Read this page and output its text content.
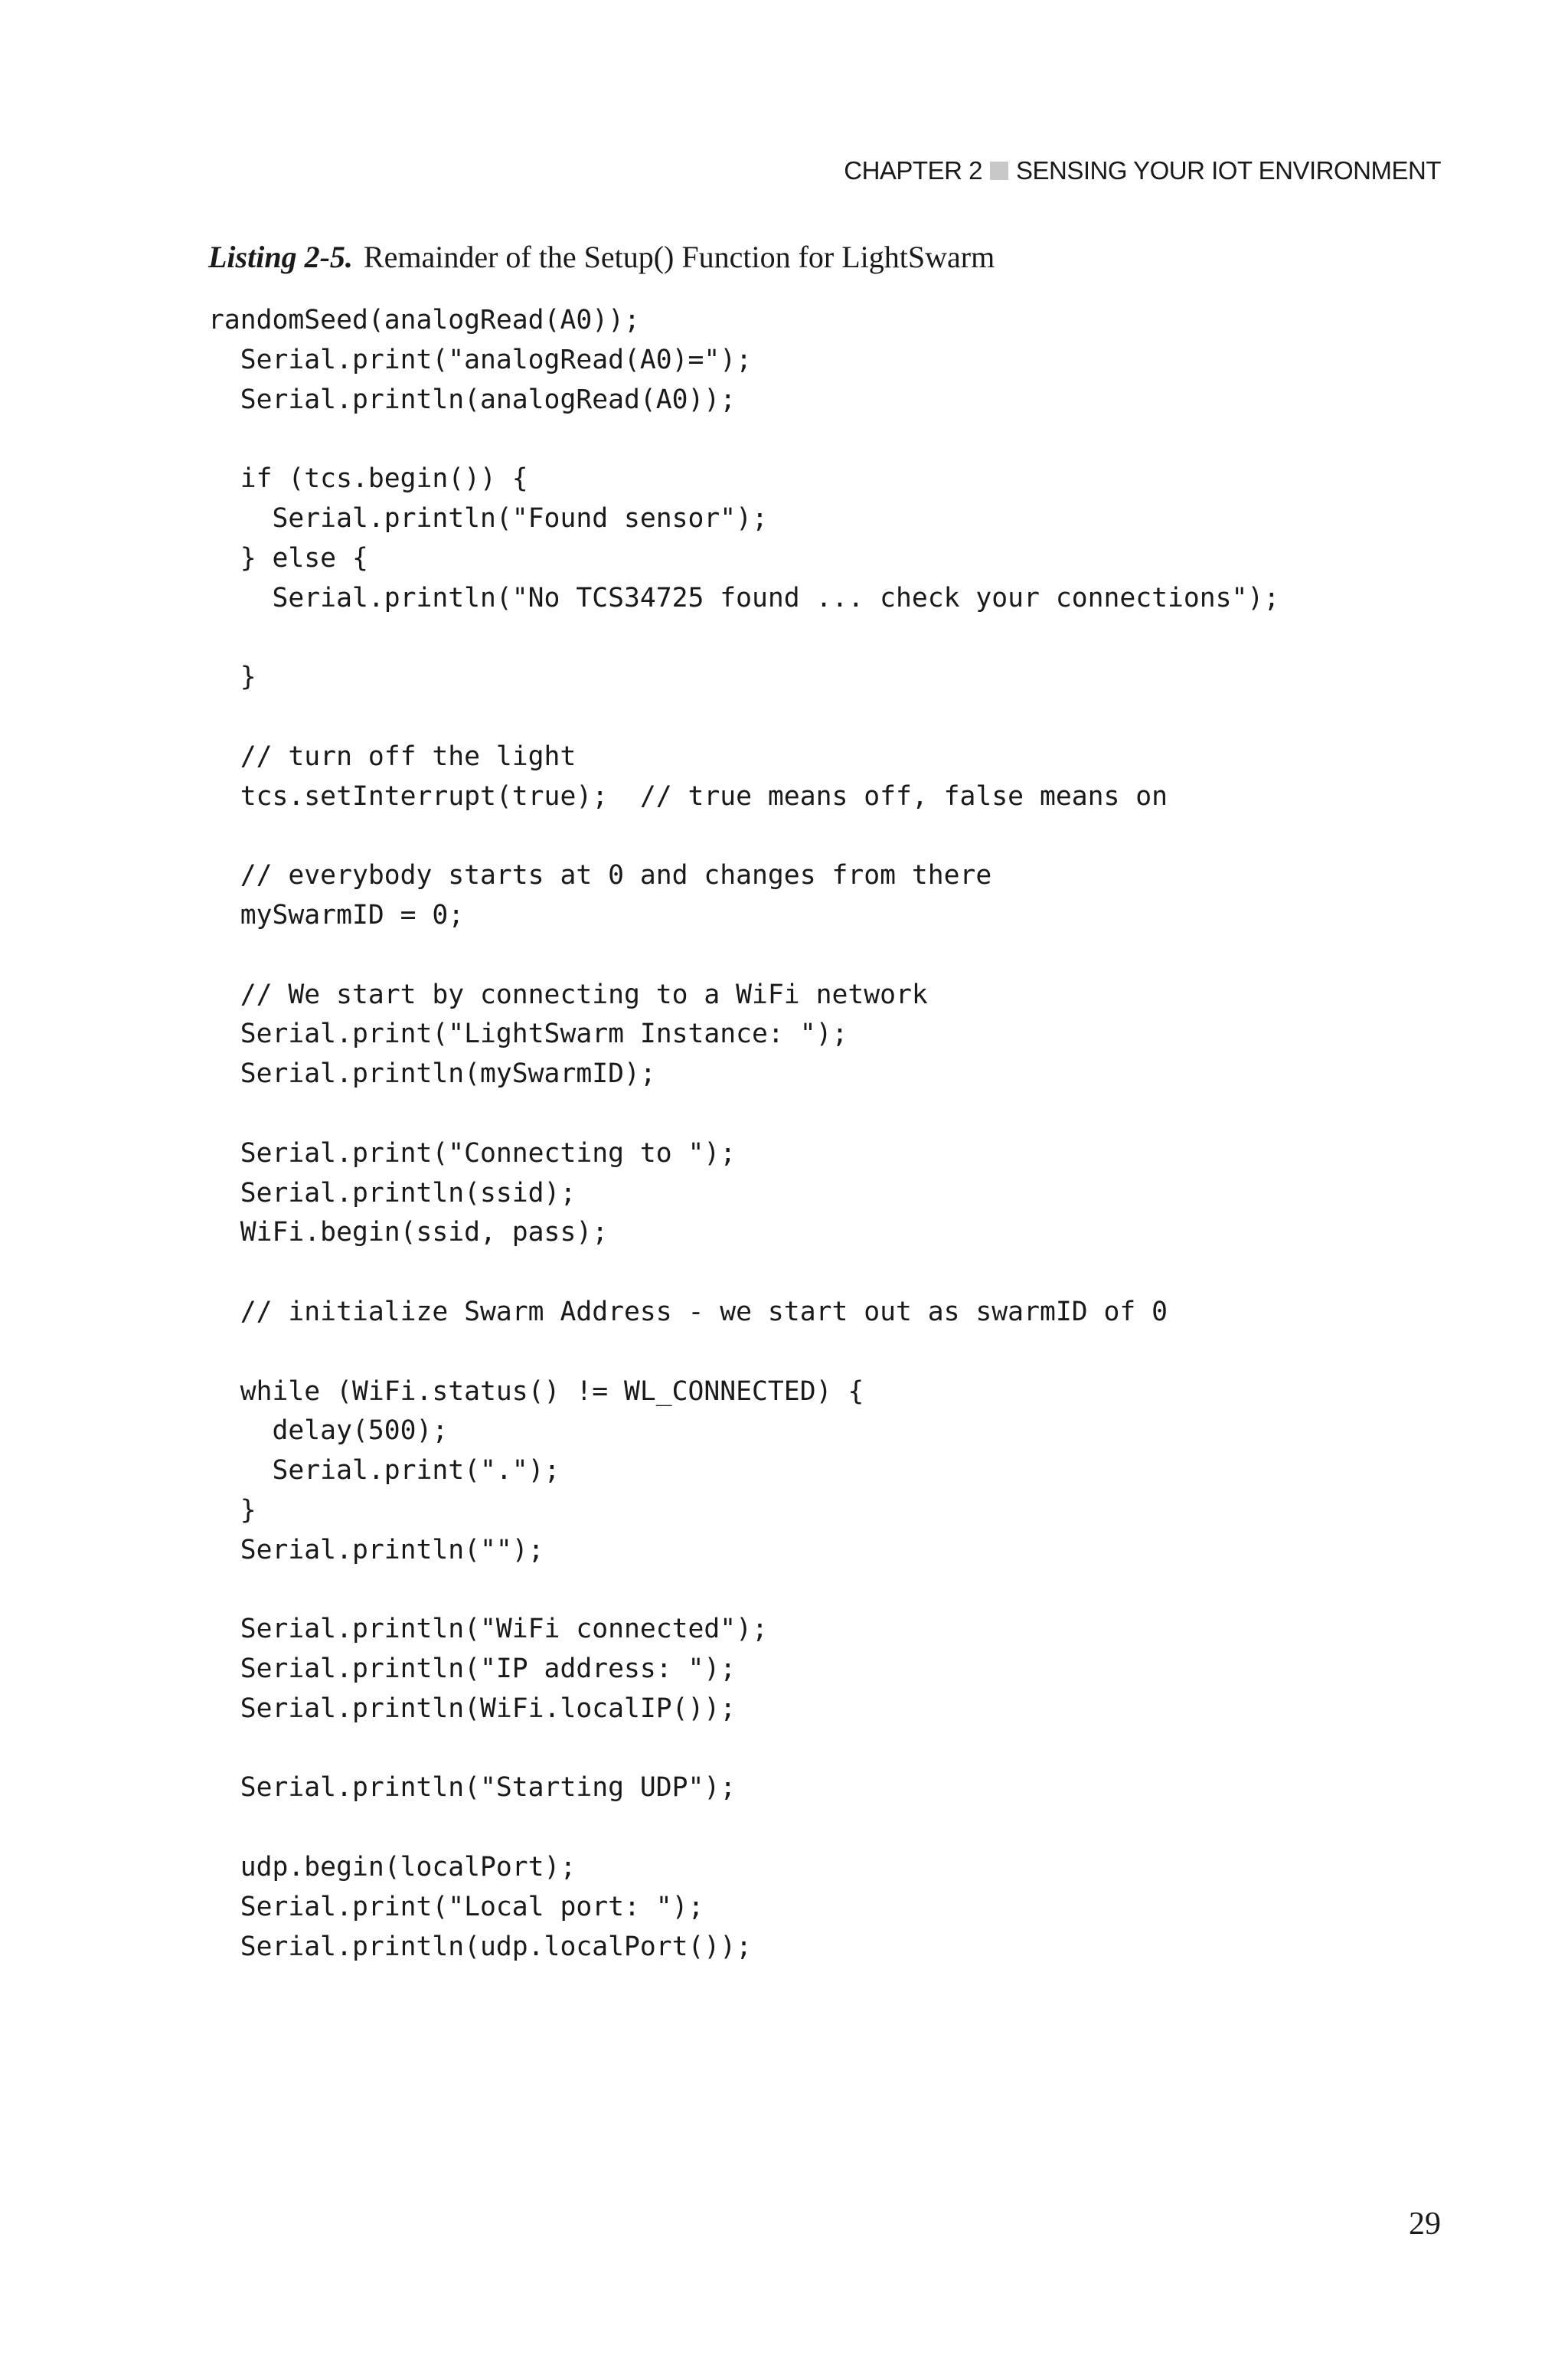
CHAPTER 2 SENSING YOUR IOT ENVIRONMENT
Listing 2-5. Remainder of the Setup() Function for LightSwarm
randomSeed(analogRead(A0));
Serial.print("analogRead(A0)=");
Serial.println(analogRead(A0));
if (tcs.begin()) {
Serial.println("Found sensor");
} else {
Serial.println("No TCS34725 found ... check your connections");
}
// turn off the light
tcs.setInterrupt(true);  // true means off, false means on
// everybody starts at 0 and changes from there
mySwarmID = 0;
// We start by connecting to a WiFi network
Serial.print("LightSwarm Instance: ");
Serial.println(mySwarmID);
Serial.print("Connecting to ");
Serial.println(ssid);
WiFi.begin(ssid, pass);
// initialize Swarm Address - we start out as swarmID of 0
while (WiFi.status() != WL_CONNECTED) {
delay(500);
Serial.print(".");
}
Serial.println("");
Serial.println("WiFi connected");
Serial.println("IP address: ");
Serial.println(WiFi.localIP());
Serial.println("Starting UDP");
udp.begin(localPort);
Serial.print("Local port: ");
Serial.println(udp.localPort());
29
